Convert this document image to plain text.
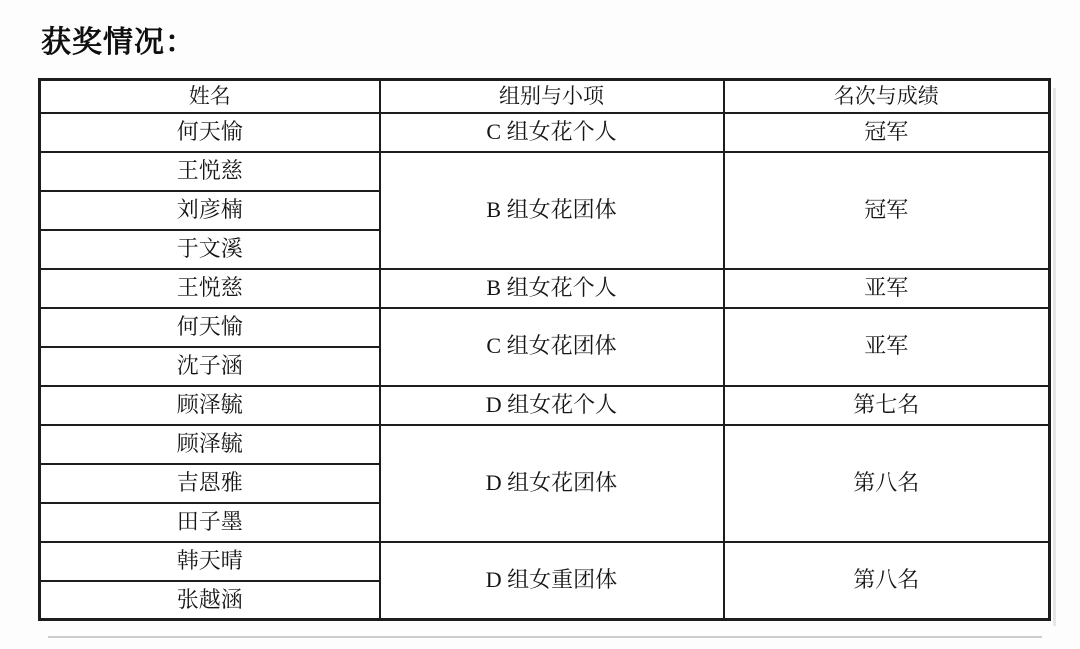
获奖情况：
姓名	组别与小项	名次与成绩
何天愉	C 组女花个人	冠军
王悦慈	B 组女花团体	冠军
刘彦楠		
于文溪		
王悦慈	B 组女花个人	亚军
何天愉	C 组女花团体	亚军
沈子涵		
顾泽毓	D 组女花个人	第七名
顾泽毓	D 组女花团体	第八名
吉恩雅		
田子墨		
韩天晴	D 组女重团体	第八名
张越涵		
